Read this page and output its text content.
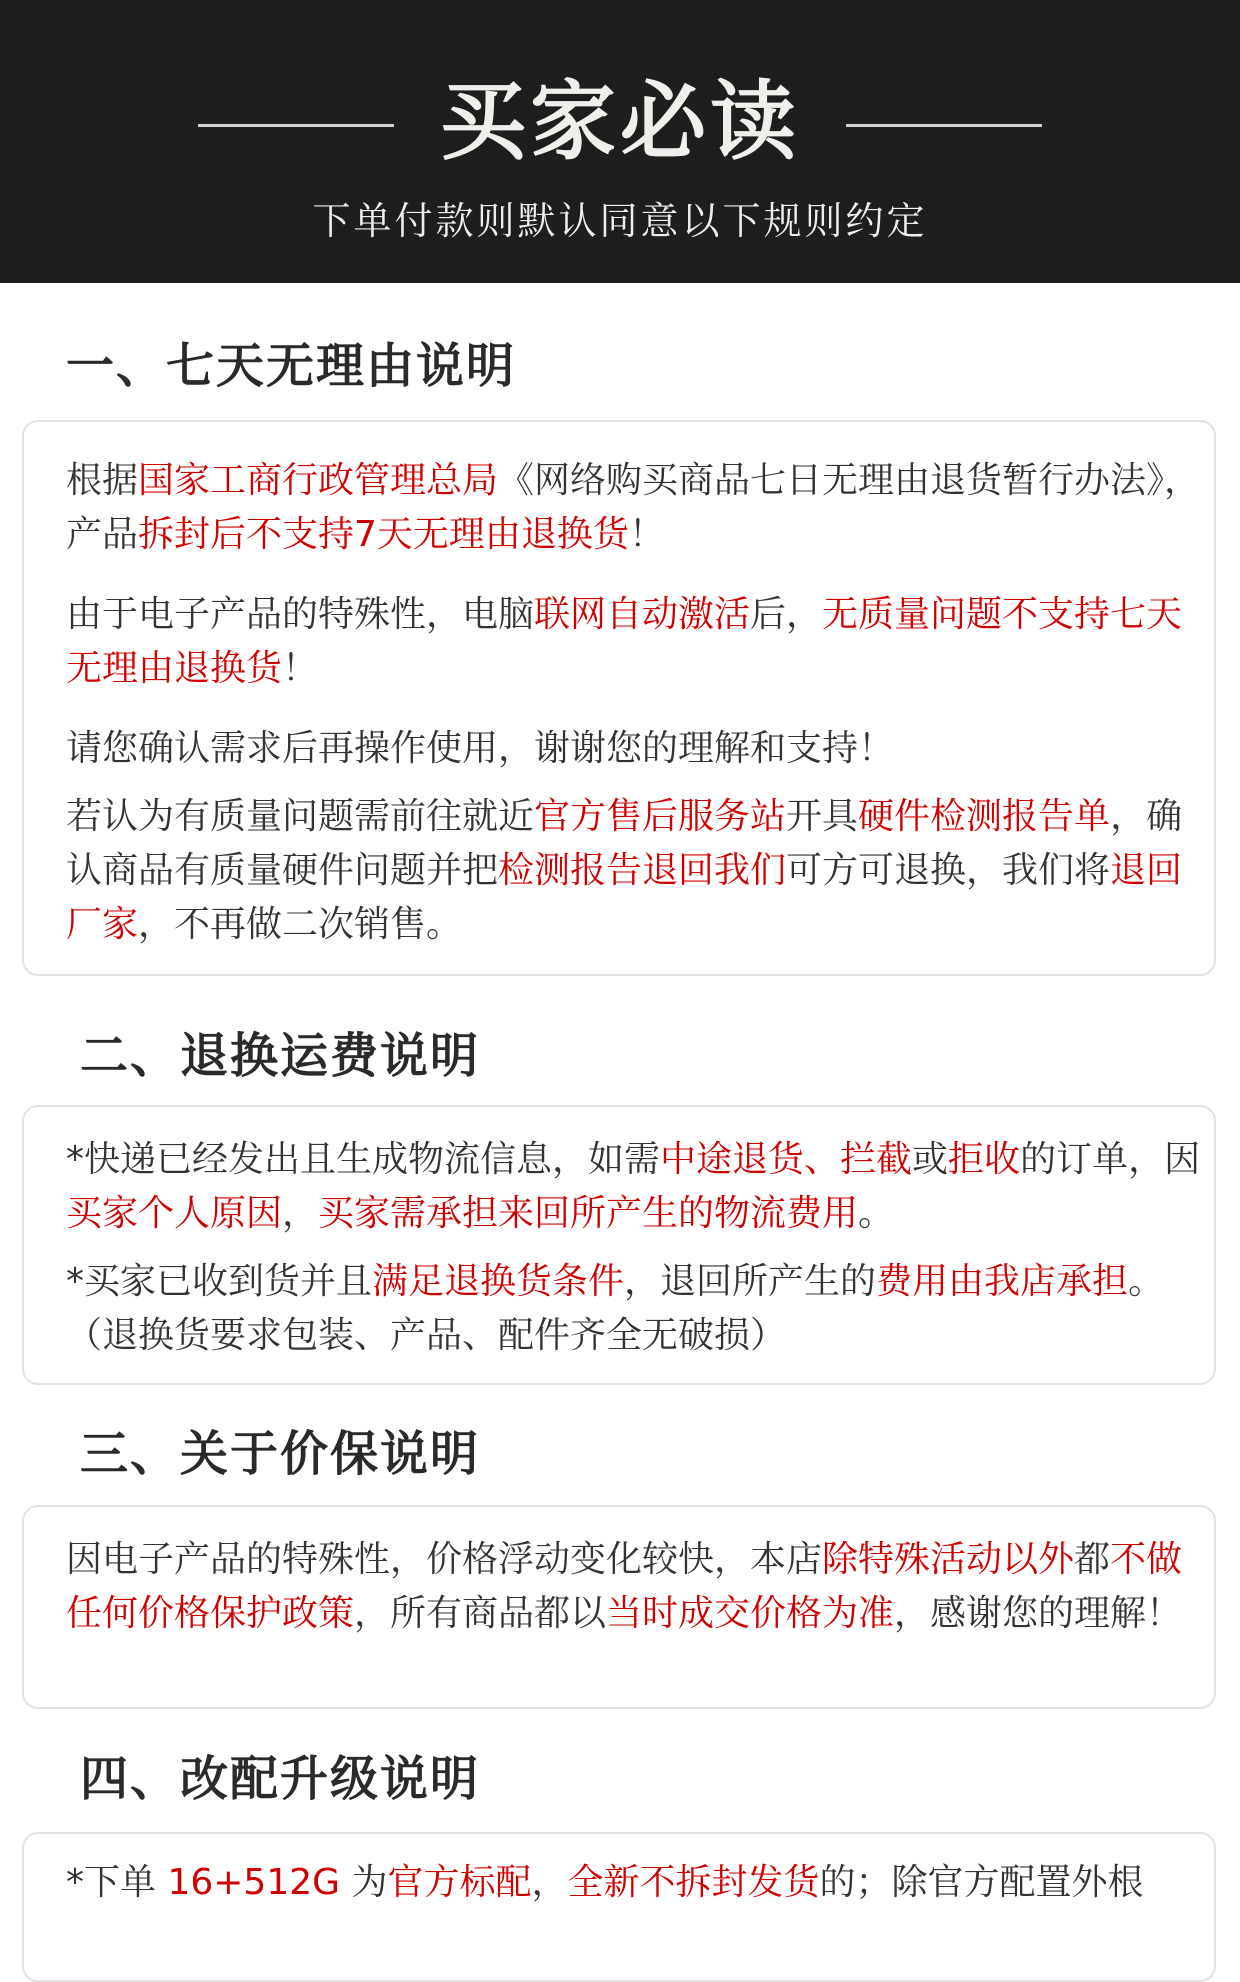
买家必读
下单付款则默认同意以下规则约定
一、七天无理由说明

根据国家工商行政管理总局《网络购买商品七日无理由退货暂行办法》，产品拆封后不支持7天无理由退换货！

由于电子产品的特殊性，电脑联网自动激活后，无质量问题不支持七天无理由退换货！

请您确认需求后再操作使用，谢谢您的理解和支持！

若认为有质量问题需前往就近官方售后服务站开具硬件检测报告单，确认商品有质量硬件问题并把检测报告退回我们可方可退换，我们将退回厂家，不再做二次销售。

二、退换运费说明

*快递已经发出且生成物流信息，如需中途退货、拦截或拒收的订单，因买家个人原因，买家需承担来回所产生的物流费用。

*买家已收到货并且满足退换货条件，退回所产生的费用由我店承担。（退换货要求包装、产品、配件齐全无破损）

三、关于价保说明

因电子产品的特殊性，价格浮动变化较快，本店除特殊活动以外都不做任何价格保护政策，所有商品都以当时成交价格为准，感谢您的理解！

四、改配升级说明

*下单 16+512G 为官方标配，全新不拆封发货的；除官方配置外根
